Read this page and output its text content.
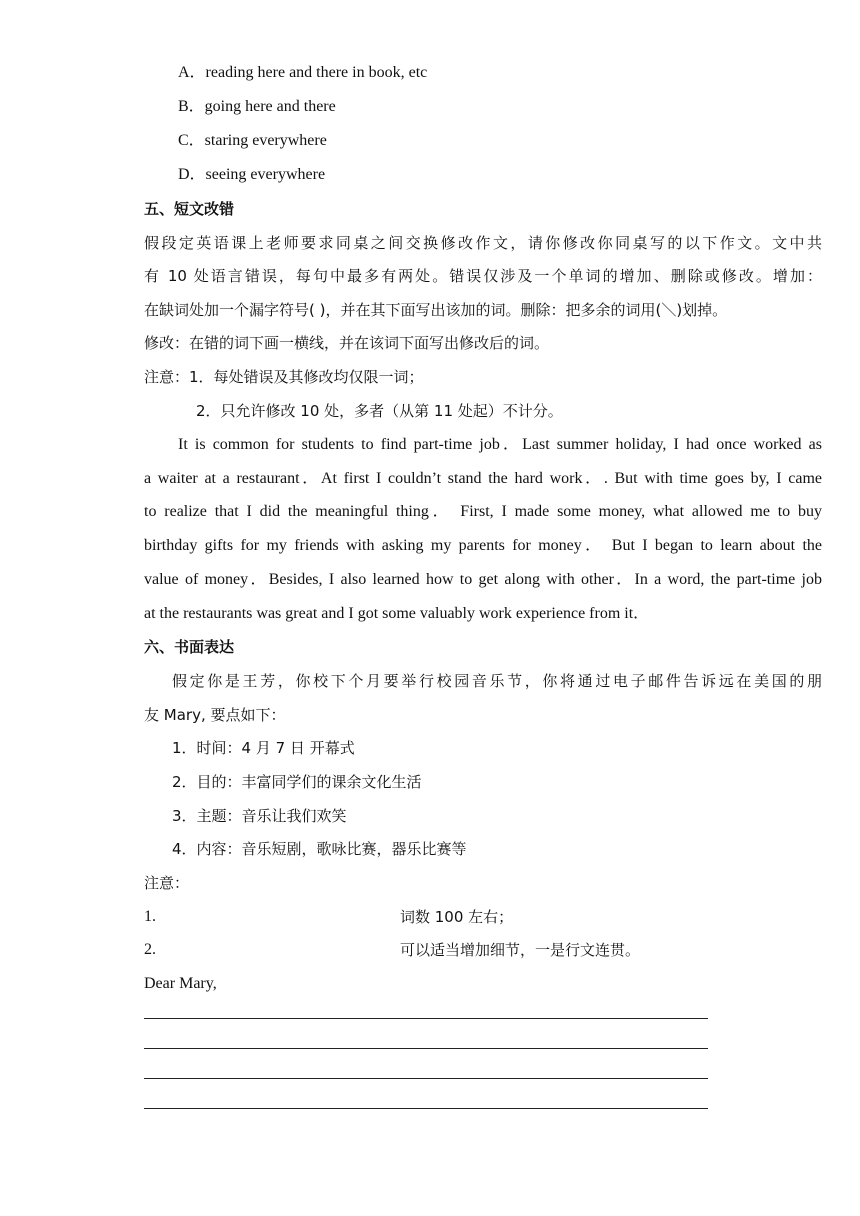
A．reading here and there in book, etc
B．going here and there
C．staring everywhere
D．seeing everywhere
五、短文改错
假段定英语课上老师要求同桌之间交换修改作文，请你修改你同桌写的以下作文。文中共
有 10 处语言错误，每句中最多有两处。错误仅涉及一个单词的增加、删除或修改。增加：
在缺词处加一个漏字符号( )，并在其下面写出该加的词。删除：把多余的词用(＼)划掉。
修改：在错的词下画一横线，并在该词下面写出修改后的词。
注意：1．每处错误及其修改均仅限一词；
2．只允许修改 10 处，多者（从第 11 处起）不计分。
It is common for students to find part-time job．Last summer holiday, I had once worked as
a waiter at a restaurant．At first I couldn’t stand the hard work．. But with time goes by, I came
to realize that I did the meaningful thing． First, I made some money, what allowed me to buy
birthday gifts for my friends with asking my parents for money． But I began to learn about the
value of money．Besides, I also learned how to get along with other．In a word, the part-time job
at the restaurants was great and I got some valuably work experience from it．
六、书面表达
假定你是王芳，你校下个月要举行校园音乐节，你将通过电子邮件告诉远在美国的朋
友 Mary, 要点如下：
1．时间：4 月 7 日 开幕式
2．目的：丰富同学们的课余文化生活
3．主题：音乐让我们欢笑
4．内容：音乐短剧，歌咏比赛，器乐比赛等
注意：
1.	词数 100 左右；
2.	可以适当增加细节，一是行文连贯。
Dear Mary,
